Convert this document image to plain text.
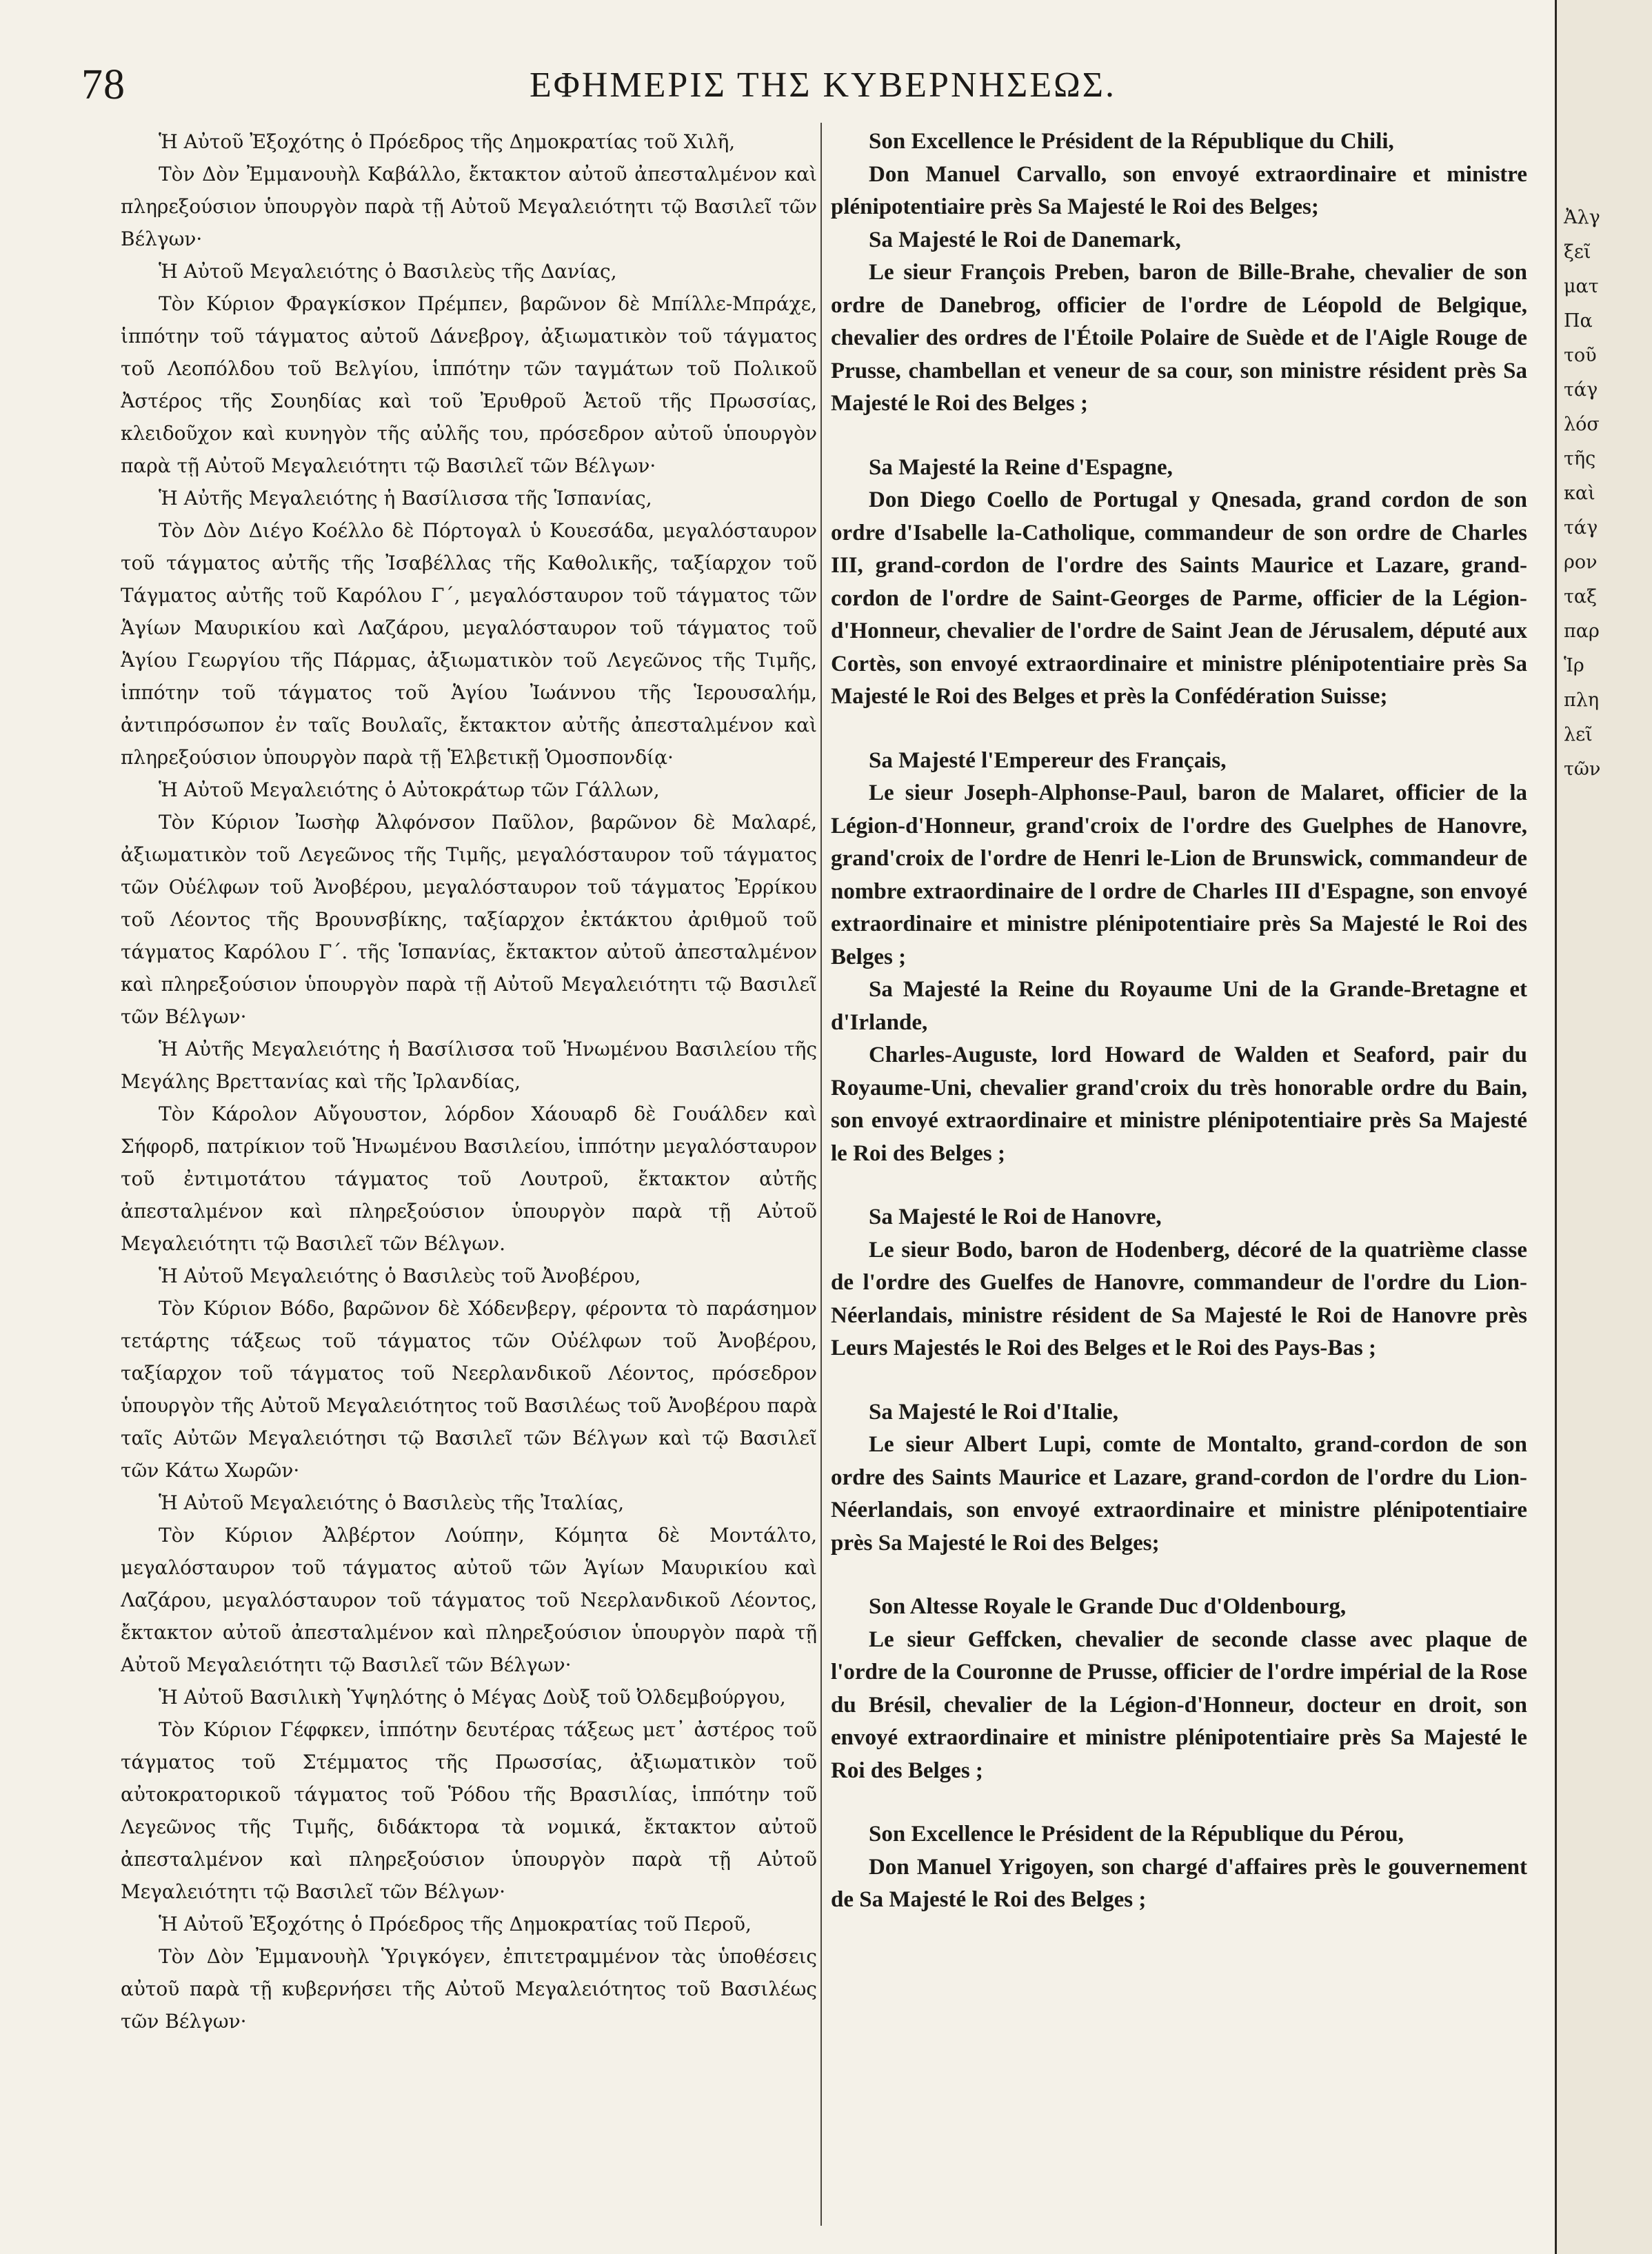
78	ΕΦΗΜΕΡΙΣ ΤΗΣ ΚΥΒΕΡΝΗΣΕΩΣ.

Ἡ Αὐτοῦ Ἐξοχότης ὁ Πρόεδρος τῆς Δημοκρατίας τοῦ Χιλῆ,

Τὸν Δὸν Ἐμμανουὴλ Καβάλλο, ἔκτακτον αὐτοῦ ἀπεσταλμένον καὶ πληρεξούσιον ὑπουργὸν παρὰ τῇ Αὐτοῦ Μεγαλειότητι τῷ Βασιλεῖ τῶν Βέλγων·

Ἡ Αὐτοῦ Μεγαλειότης ὁ Βασιλεὺς τῆς Δανίας,

Τὸν Κύριον Φραγκίσκον Πρέμπεν, βαρῶνον δὲ Μπίλλε-Μπράχε, ἱππότην τοῦ τάγματος αὐτοῦ Δάνεβρογ, ἀξιωματικὸν τοῦ τάγματος τοῦ Λεοπόλδου τοῦ Βελγίου, ἱππότην τῶν ταγμάτων τοῦ Πολικοῦ Ἀστέρος τῆς Σουηδίας καὶ τοῦ Ἐρυθροῦ Ἀετοῦ τῆς Πρωσσίας, κλειδοῦχον καὶ κυνηγὸν τῆς αὐλῆς του, πρόσεδρον αὐτοῦ ὑπουργὸν παρὰ τῇ Αὐτοῦ Μεγαλειότητι τῷ Βασιλεῖ τῶν Βέλγων·

Ἡ Αὐτῆς Μεγαλειότης ἡ Βασίλισσα τῆς Ἱσπανίας,

Τὸν Δὸν Διέγο Κοέλλο δὲ Πόρτογαλ ὑ Κουεσάδα, μεγαλόσταυρον τοῦ τάγματος αὐτῆς τῆς Ἰσαβέλλας τῆς Καθολικῆς, ταξίαρχον τοῦ Τάγματος αὐτῆς τοῦ Καρόλου Γ΄, μεγαλόσταυρον τοῦ τάγματος τῶν Ἁγίων Μαυρικίου καὶ Λαζάρου, μεγαλόσταυρον τοῦ τάγματος τοῦ Ἁγίου Γεωργίου τῆς Πάρμας, ἀξιωματικὸν τοῦ Λεγεῶνος τῆς Τιμῆς, ἱππότην τοῦ τάγματος τοῦ Ἁγίου Ἰωάννου τῆς Ἱερουσαλήμ, ἀντιπρόσωπον ἐν ταῖς Βουλαῖς, ἔκτακτον αὐτῆς ἀπεσταλμένον καὶ πληρεξούσιον ὑπουργὸν παρὰ τῇ Ἑλβετικῇ Ὁμοσπονδίᾳ·

Ἡ Αὐτοῦ Μεγαλειότης ὁ Αὐτοκράτωρ τῶν Γάλλων,

Τὸν Κύριον Ἰωσὴφ Ἀλφόνσον Παῦλον, βαρῶνον δὲ Μαλαρέ, ἀξιωματικὸν τοῦ Λεγεῶνος τῆς Τιμῆς, μεγαλόσταυρον τοῦ τάγματος τῶν Οὐέλφων τοῦ Ἀνοβέρου, μεγαλόσταυρον τοῦ τάγματος Ἐρρίκου τοῦ Λέοντος τῆς Βρουνσβίκης, ταξίαρχον ἐκτάκτου ἀριθμοῦ τοῦ τάγματος Καρόλου Γ΄. τῆς Ἱσπανίας, ἔκτακτον αὐτοῦ ἀπεσταλμένον καὶ πληρεξούσιον ὑπουργὸν παρὰ τῇ Αὐτοῦ Μεγαλειότητι τῷ Βασιλεῖ τῶν Βέλγων·

Ἡ Αὐτῆς Μεγαλειότης ἡ Βασίλισσα τοῦ Ἡνωμένου Βασιλείου τῆς Μεγάλης Βρεττανίας καὶ τῆς Ἰρλανδίας,

Τὸν Κάρολον Αὔγουστον, λόρδον Χάουαρδ δὲ Γουάλδεν καὶ Σήφορδ, πατρίκιον τοῦ Ἡνωμένου Βασιλείου, ἱππότην μεγαλόσταυρον τοῦ ἐντιμοτάτου τάγματος τοῦ Λουτροῦ, ἔκτακτον αὐτῆς ἀπεσταλμένον καὶ πληρεξούσιον ὑπουργὸν παρὰ τῇ Αὐτοῦ Μεγαλειότητι τῷ Βασιλεῖ τῶν Βέλγων.

Ἡ Αὐτοῦ Μεγαλειότης ὁ Βασιλεὺς τοῦ Ἀνοβέρου,

Τὸν Κύριον Βόδο, βαρῶνον δὲ Χόδενβεργ, φέροντα τὸ παράσημον τετάρτης τάξεως τοῦ τάγματος τῶν Οὐέλφων τοῦ Ἀνοβέρου, ταξίαρχον τοῦ τάγματος τοῦ Νεερλανδικοῦ Λέοντος, πρόσεδρον ὑπουργὸν τῆς Αὐτοῦ Μεγαλειότητος τοῦ Βασιλέως τοῦ Ἀνοβέρου παρὰ ταῖς Αὐτῶν Μεγαλειότησι τῷ Βασιλεῖ τῶν Βέλγων καὶ τῷ Βασιλεῖ τῶν Κάτω Χωρῶν·

Ἡ Αὐτοῦ Μεγαλειότης ὁ Βασιλεὺς τῆς Ἰταλίας,

Τὸν Κύριον Ἀλβέρτον Λούπην, Κόμητα δὲ Μοντάλτο, μεγαλόσταυρον τοῦ τάγματος αὐτοῦ τῶν Ἁγίων Μαυρικίου καὶ Λαζάρου, μεγαλόσταυρον τοῦ τάγματος τοῦ Νεερλανδικοῦ Λέοντος, ἔκτακτον αὐτοῦ ἀπεσταλμένον καὶ πληρεξούσιον ὑπουργὸν παρὰ τῇ Αὐτοῦ Μεγαλειότητι τῷ Βασιλεῖ τῶν Βέλγων·

Ἡ Αὐτοῦ Βασιλικὴ Ὑψηλότης ὁ Μέγας Δοὺξ τοῦ Ὀλδεμβούργου,

Τὸν Κύριον Γέφφκεν, ἱππότην δευτέρας τάξεως μετ᾽ ἀστέρος τοῦ τάγματος τοῦ Στέμματος τῆς Πρωσσίας, ἀξιωματικὸν τοῦ αὐτοκρατορικοῦ τάγματος τοῦ Ῥόδου τῆς Βρασιλίας, ἱππότην τοῦ Λεγεῶνος τῆς Τιμῆς, διδάκτορα τὰ νομικά, ἔκτακτον αὐτοῦ ἀπεσταλμένον καὶ πληρεξούσιον ὑπουργὸν παρὰ τῇ Αὐτοῦ Μεγαλειότητι τῷ Βασιλεῖ τῶν Βέλγων·

Ἡ Αὐτοῦ Ἐξοχότης ὁ Πρόεδρος τῆς Δημοκρατίας τοῦ Περοῦ,

Τὸν Δὸν Ἐμμανουὴλ Ὑριγκόγεν, ἐπιτετραμμένον τὰς ὑποθέσεις αὐτοῦ παρὰ τῇ κυβερνήσει τῆς Αὐτοῦ Μεγαλειότητος τοῦ Βασιλέως τῶν Βέλγων·

Son Excellence le Président de la République du Chili,

Don Manuel Carvallo, son envoyé extraordinaire et ministre plénipotentiaire près Sa Majesté le Roi des Belges;

Sa Majesté le Roi de Danemark,

Le sieur François Preben, baron de Bille-Brahe, chevalier de son ordre de Danebrog, officier de l'ordre de Léopold de Belgique, chevalier des ordres de l'Étoile Polaire de Suède et de l'Aigle Rouge de Prusse, chambellan et veneur de sa cour, son ministre résident près Sa Majesté le Roi des Belges ;

Sa Majesté la Reine d'Espagne,

Don Diego Coello de Portugal y Qnesada, grand cordon de son ordre d'Isabelle la-Catholique, commandeur de son ordre de Charles III, grand-cordon de l'ordre des Saints Maurice et Lazare, grand-cordon de l'ordre de Saint-Georges de Parme, officier de la Légion-d'Honneur, chevalier de l'ordre de Saint Jean de Jérusalem, député aux Cortès, son envoyé extraordinaire et ministre plénipotentiaire près Sa Majesté le Roi des Belges et près la Confédération Suisse;

Sa Majesté l'Empereur des Français,

Le sieur Joseph-Alphonse-Paul, baron de Malaret, officier de la Légion-d'Honneur, grand'croix de l'ordre des Guelphes de Hanovre, grand'croix de l'ordre de Henri le-Lion de Brunswick, commandeur de nombre extraordinaire de l ordre de Charles III d'Espagne, son envoyé extraordinaire et ministre plénipotentiaire près Sa Majesté le Roi des Belges ;

Sa Majesté la Reine du Royaume Uni de la Grande-Bretagne et d'Irlande,

Charles-Auguste, lord Howard de Walden et Seaford, pair du Royaume-Uni, chevalier grand'croix du très honorable ordre du Bain, son envoyé extraordinaire et ministre plénipotentiaire près Sa Majesté le Roi des Belges ;

Sa Majesté le Roi de Hanovre,

Le sieur Bodo, baron de Hodenberg, décoré de la quatrième classe de l'ordre des Guelfes de Hanovre, commandeur de l'ordre du Lion-Néerlandais, ministre résident de Sa Majesté le Roi de Hanovre près Leurs Majestés le Roi des Belges et le Roi des Pays-Bas ;

Sa Majesté le Roi d'Italie,

Le sieur Albert Lupi, comte de Montalto, grand-cordon de son ordre des Saints Maurice et Lazare, grand-cordon de l'ordre du Lion-Néerlandais, son envoyé extraordinaire et ministre plénipotentiaire près Sa Majesté le Roi des Belges;

Son Altesse Royale le Grande Duc d'Oldenbourg,

Le sieur Geffcken, chevalier de seconde classe avec plaque de l'ordre de la Couronne de Prusse, officier de l'ordre impérial de la Rose du Brésil, chevalier de la Légion-d'Honneur, docteur en droit, son envoyé extraordinaire et ministre plénipotentiaire près Sa Majesté le Roi des Belges ;

Son Excellence le Président de la République du Pérou,

Don Manuel Yrigoyen, son chargé d'affaires près le gouvernement de Sa Majesté le Roi des Belges ;

Ἀλγ
ξεῖ
ματ
Πα
τοῦ
τάγ
λόσ
τῆς
καὶ
τάγ
ρον
ταξ
παρ
Ἱρ
πλη
λεῖ
τῶν
